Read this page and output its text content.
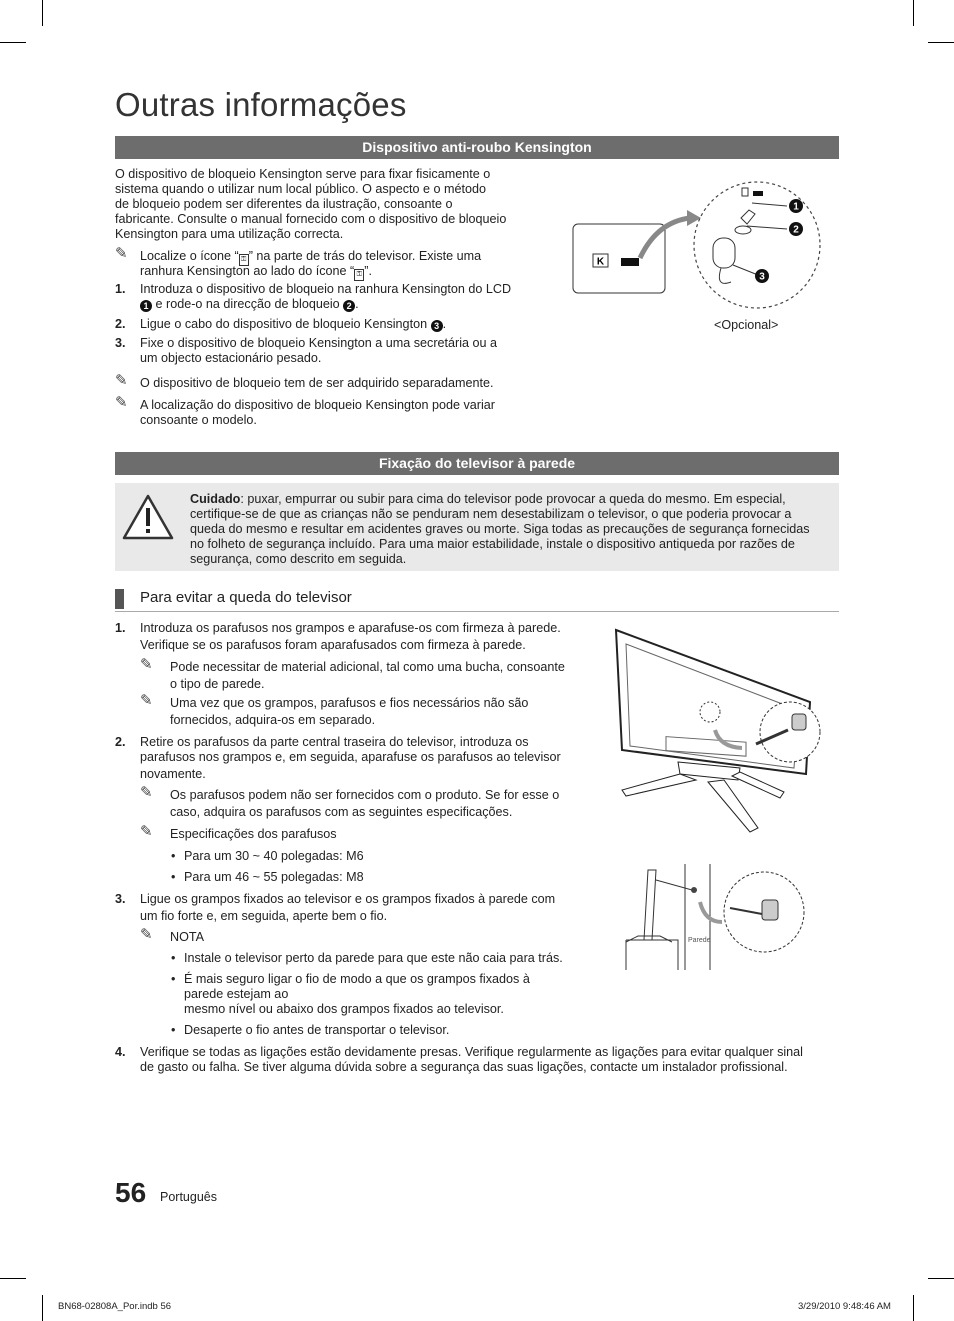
Outras informações
Dispositivo anti-roubo Kensington
O dispositivo de bloqueio Kensington serve para fixar fisicamente o
sistema quando o utilizar num local público. O aspecto e o método
de bloqueio podem ser diferentes da ilustração, consoante o
fabricante. Consulte o manual fornecido com o dispositivo de bloqueio
Kensington para uma utilização correcta.
✎ Localize o ícone “ ⚿ ” na parte de trás do televisor. Existe uma
ranhura Kensington ao lado do ícone “ ⚿ ”.
1. Introduza o dispositivo de bloqueio na ranhura Kensington do LCD
1 e rode-o na direcção de bloqueio 2 .
2. Ligue o cabo do dispositivo de bloqueio Kensington 3 .
3. Fixe o dispositivo de bloqueio Kensington a uma secretária ou a
um objecto estacionário pesado.
✎ O dispositivo de bloqueio tem de ser adquirido separadamente.
✎ A localização do dispositivo de bloqueio Kensington pode variar
consoante o modelo.
K
1
2
3
<Opcional>
Fixação do televisor à parede
Cuidado: puxar, empurrar ou subir para cima do televisor pode provocar a queda do mesmo. Em especial,
certifique-se de que as crianças não se penduram nem desestabilizam o televisor, o que poderia provocar a
queda do mesmo e resultar em acidentes graves ou morte. Siga todas as precauções de segurança fornecidas
no folheto de segurança incluído. Para uma maior estabilidade, instale o dispositivo antiqueda por razões de
segurança, como descrito em seguida.
Para evitar a queda do televisor
1. Introduza os parafusos nos grampos e aparafuse-os com firmeza à parede.
Verifique se os parafusos foram aparafusados com firmeza à parede.
✎	Pode necessitar de material adicional, tal como uma bucha, consoante
o tipo de parede.
✎	Uma vez que os grampos, parafusos e fios necessários não são
fornecidos, adquira-os em separado.
2. Retire os parafusos da parte central traseira do televisor, introduza os
parafusos nos grampos e, em seguida, aparafuse os parafusos ao televisor
novamente.
✎	Os parafusos podem não ser fornecidos com o produto. Se for esse o
caso, adquira os parafusos com as seguintes especificações.
✎	Especificações dos parafusos
• Para um 30 ~ 40 polegadas: M6
• Para um 46 ~ 55 polegadas: M8
3. Ligue os grampos fixados ao televisor e os grampos fixados à parede com
um fio forte e, em seguida, aperte bem o fio.
✎	NOTA
• Instale o televisor perto da parede para que este não caia para trás.
• É mais seguro ligar o fio de modo a que os grampos fixados à
parede estejam ao
mesmo nível ou abaixo dos grampos fixados ao televisor.
• Desaperte o fio antes de transportar o televisor.
4. Verifique se todas as ligações estão devidamente presas. Verifique regularmente as ligações para evitar qualquer sinal
de gasto ou falha. Se tiver alguma dúvida sobre a segurança das suas ligações, contacte um instalador profissional.
Parede
56 Português
BN68-02808A_Por.indb 56	3/29/2010 9:48:46 AM
